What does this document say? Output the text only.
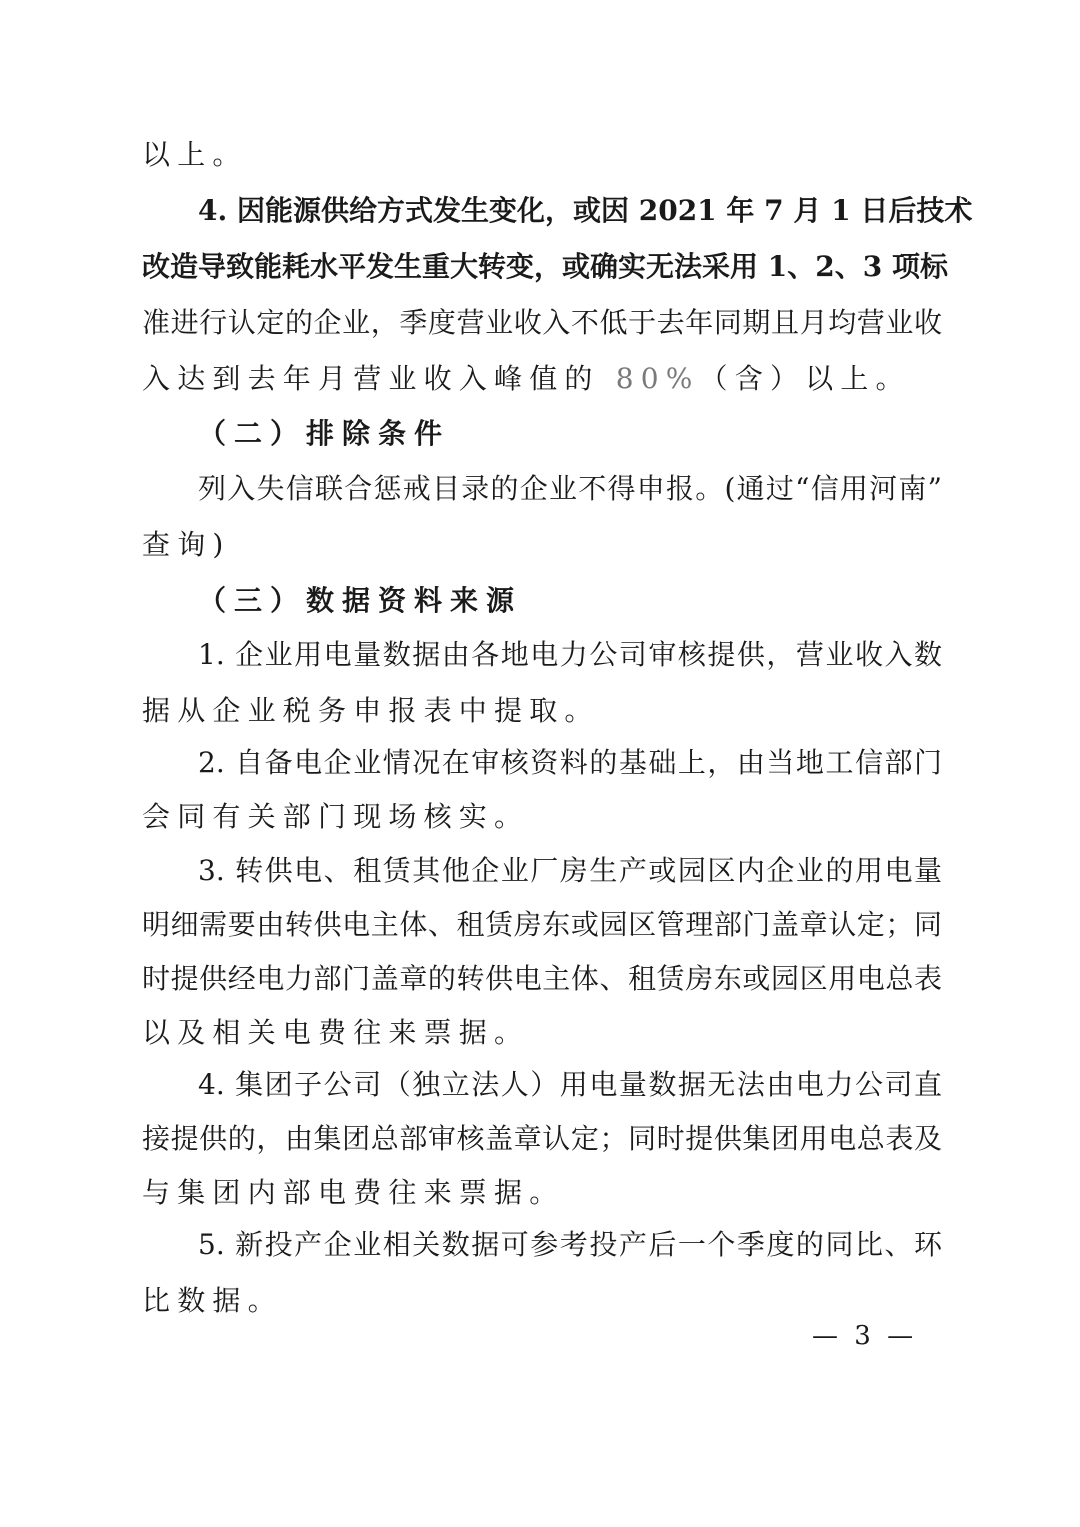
以上。
4. 因能源供给方式发生变化，或因 2021 年 7 月 1 日后技术
改造导致能耗水平发生重大转变，或确实无法采用 1、2、3 项标
准进行认定的企业，季度营业收入不低于去年同期且月均营业收
入达到去年月营业收入峰值的 80%（含）以上。
（二）排除条件
列入失信联合惩戒目录的企业不得申报。(通过“信用河南”
查询)
（三）数据资料来源
1. 企业用电量数据由各地电力公司审核提供，营业收入数
据从企业税务申报表中提取。
2. 自备电企业情况在审核资料的基础上，由当地工信部门
会同有关部门现场核实。
3. 转供电、租赁其他企业厂房生产或园区内企业的用电量
明细需要由转供电主体、租赁房东或园区管理部门盖章认定；同
时提供经电力部门盖章的转供电主体、租赁房东或园区用电总表
以及相关电费往来票据。
4. 集团子公司（独立法人）用电量数据无法由电力公司直
接提供的，由集团总部审核盖章认定；同时提供集团用电总表及
与集团内部电费往来票据。
5. 新投产企业相关数据可参考投产后一个季度的同比、环
比数据。
— 3 —
